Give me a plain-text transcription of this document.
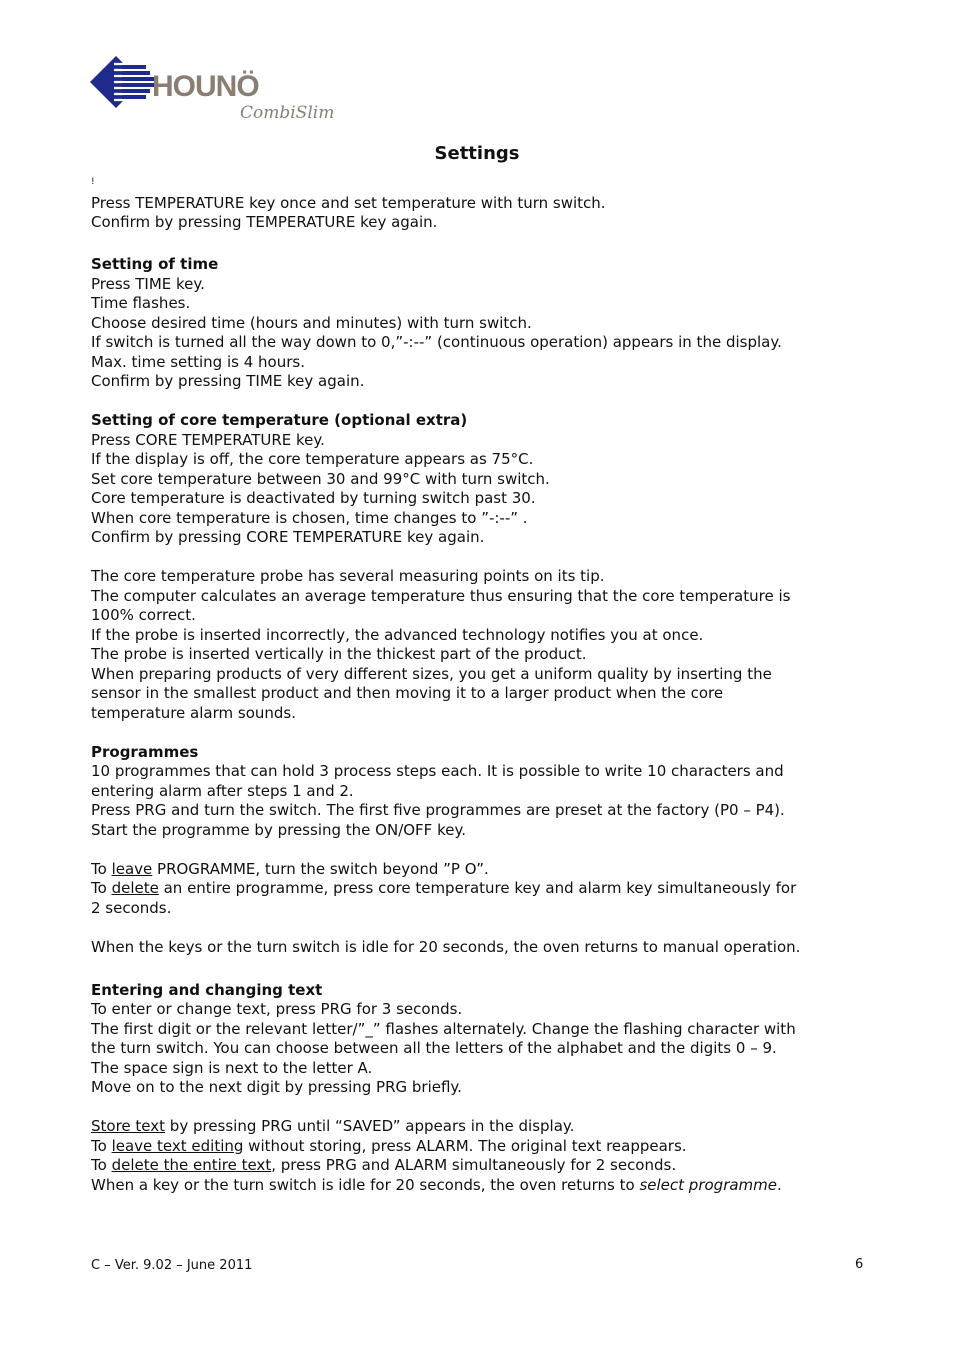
HOUNÖ
CombiSlim
Settings
!
Press TEMPERATURE key once and set temperature with turn switch.
Confirm by pressing TEMPERATURE key again.
Setting of time
Press TIME key.
Time flashes.
Choose desired time (hours and minutes) with turn switch.
If switch is turned all the way down to 0,”-:--” (continuous operation) appears in the display.
Max. time setting is 4 hours.
Confirm by pressing TIME key again.
Setting of core temperature (optional extra)
Press CORE TEMPERATURE key.
If the display is off, the core temperature appears as 75°C.
Set core temperature between 30 and 99°C with turn switch.
Core temperature is deactivated by turning switch past 30.
When core temperature is chosen, time changes to ”-:--” .
Confirm by pressing CORE TEMPERATURE key again.
The core temperature probe has several measuring points on its tip.
The computer calculates an average temperature thus ensuring that the core temperature is
100% correct.
If the probe is inserted incorrectly, the advanced technology notifies you at once.
The probe is inserted vertically in the thickest part of the product.
When preparing products of very different sizes, you get a uniform quality by inserting the
sensor in the smallest product and then moving it to a larger product when the core
temperature alarm sounds.
Programmes
10 programmes that can hold 3 process steps each. It is possible to write 10 characters and
entering alarm after steps 1 and 2.
Press PRG and turn the switch. The first five programmes are preset at the factory (P0 – P4).
Start the programme by pressing the ON/OFF key.
To leave PROGRAMME, turn the switch beyond ”P O”.
To delete an entire programme, press core temperature key and alarm key simultaneously for
2 seconds.
When the keys or the turn switch is idle for 20 seconds, the oven returns to manual operation.
Entering and changing text
To enter or change text, press PRG for 3 seconds.
The first digit or the relevant letter/”_” flashes alternately. Change the flashing character with
the turn switch. You can choose between all the letters of the alphabet and the digits 0 – 9.
The space sign is next to the letter A.
Move on to the next digit by pressing PRG briefly.
Store text by pressing PRG until “SAVED” appears in the display.
To leave text editing without storing, press ALARM. The original text reappears.
To delete the entire text, press PRG and ALARM simultaneously for 2 seconds.
When a key or the turn switch is idle for 20 seconds, the oven returns to select programme.
C – Ver. 9.02 – June 2011	6
